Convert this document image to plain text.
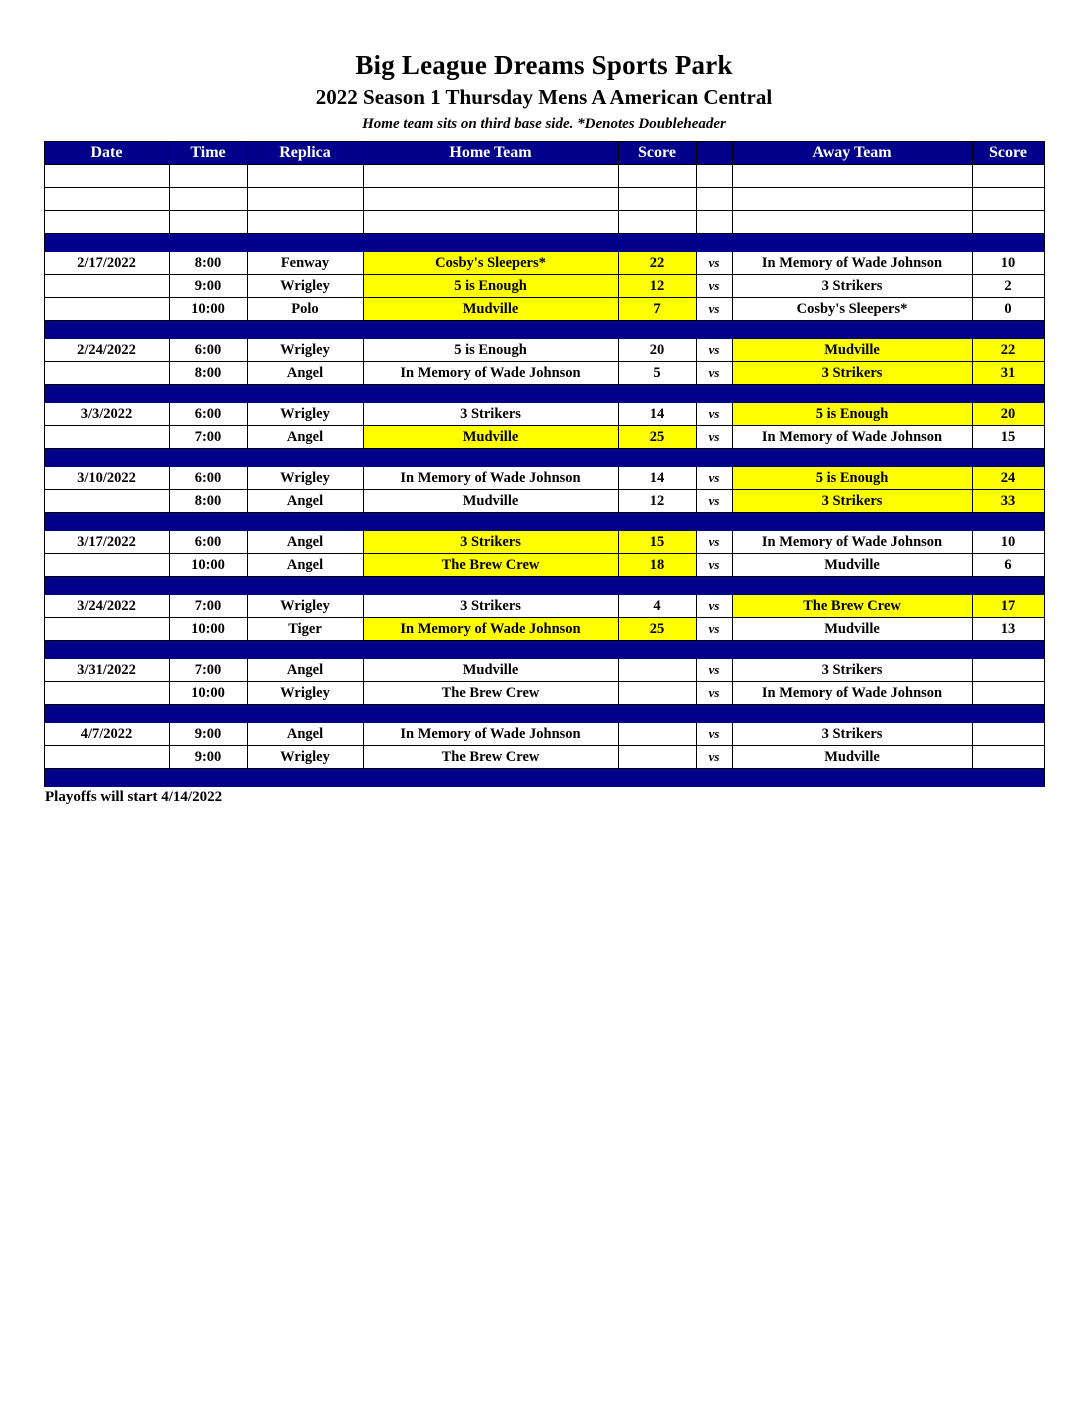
Big League Dreams Sports Park
2022 Season 1 Thursday Mens A American Central
Home team sits on third base side. *Denotes Doubleheader
Date	Time	Replica	Home Team	Score		Away Team	Score

2/17/2022	8:00	Fenway	Cosby's Sleepers*	22	vs	In Memory of Wade Johnson	10
	9:00	Wrigley	5 is Enough	12	vs	3 Strikers	2
	10:00	Polo	Mudville	7	vs	Cosby's Sleepers*	0

2/24/2022	6:00	Wrigley	5 is Enough	20	vs	Mudville	22
	8:00	Angel	In Memory of Wade Johnson	5	vs	3 Strikers	31

3/3/2022	6:00	Wrigley	3 Strikers	14	vs	5 is Enough	20
	7:00	Angel	Mudville	25	vs	In Memory of Wade Johnson	15

3/10/2022	6:00	Wrigley	In Memory of Wade Johnson	14	vs	5 is Enough	24
	8:00	Angel	Mudville	12	vs	3 Strikers	33

3/17/2022	6:00	Angel	3 Strikers	15	vs	In Memory of Wade Johnson	10
	10:00	Angel	The Brew Crew	18	vs	Mudville	6

3/24/2022	7:00	Wrigley	3 Strikers	4	vs	The Brew Crew	17
	10:00	Tiger	In Memory of Wade Johnson	25	vs	Mudville	13

3/31/2022	7:00	Angel	Mudville		vs	3 Strikers	
	10:00	Wrigley	The Brew Crew		vs	In Memory of Wade Johnson	

4/7/2022	9:00	Angel	In Memory of Wade Johnson		vs	3 Strikers	
	9:00	Wrigley	The Brew Crew		vs	Mudville	

Playoffs will start 4/14/2022
